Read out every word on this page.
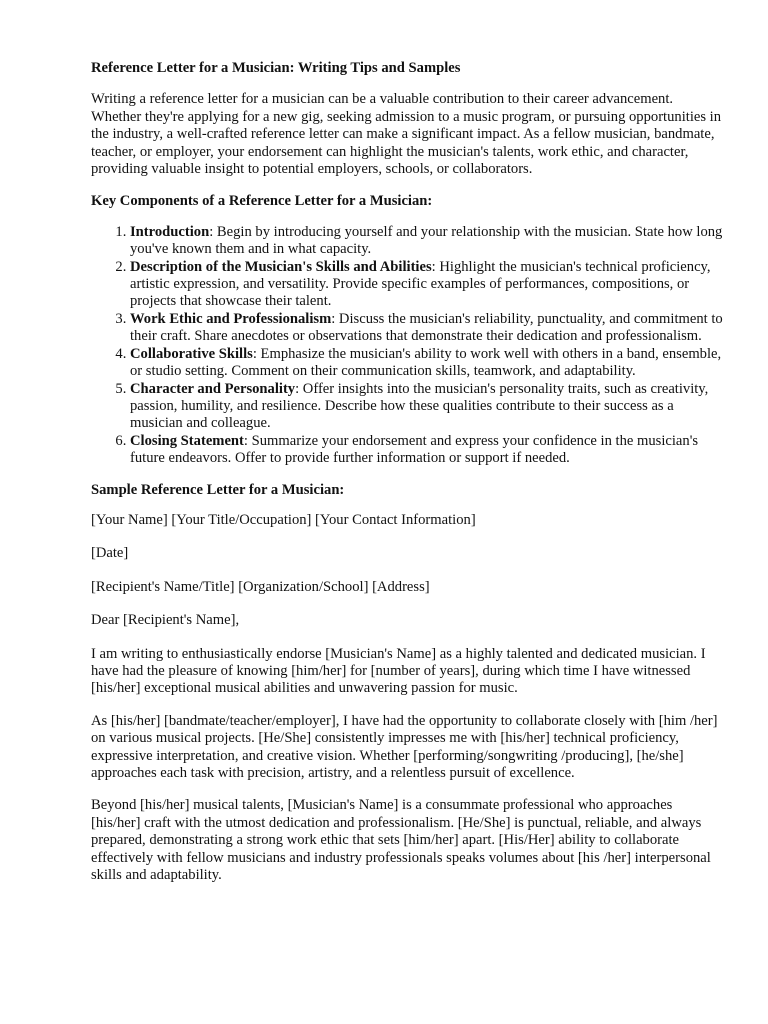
Reference Letter for a Musician: Writing Tips and Samples

Writing a reference letter for a musician can be a valuable contribution to their career advancement. Whether they're applying for a new gig, seeking admission to a music program, or pursuing opportunities in the industry, a well-crafted reference letter can make a significant impact. As a fellow musician, bandmate, teacher, or employer, your endorsement can highlight the musician's talents, work ethic, and character, providing valuable insight to potential employers, schools, or collaborators.

Key Components of a Reference Letter for a Musician:
1. Introduction: Begin by introducing yourself and your relationship with the musician. State how long you've known them and in what capacity.
2. Description of the Musician's Skills and Abilities: Highlight the musician's technical proficiency, artistic expression, and versatility. Provide specific examples of performances, compositions, or projects that showcase their talent.
3. Work Ethic and Professionalism: Discuss the musician's reliability, punctuality, and commitment to their craft. Share anecdotes or observations that demonstrate their dedication and professionalism.
4. Collaborative Skills: Emphasize the musician's ability to work well with others in a band, ensemble, or studio setting. Comment on their communication skills, teamwork, and adaptability.
5. Character and Personality: Offer insights into the musician's personality traits, such as creativity, passion, humility, and resilience. Describe how these qualities contribute to their success as a musician and colleague.
6. Closing Statement: Summarize your endorsement and express your confidence in the musician's future endeavors. Offer to provide further information or support if needed.
Sample Reference Letter for a Musician:

[Your Name] [Your Title/Occupation] [Your Contact Information]

[Date]

[Recipient's Name/Title] [Organization/School] [Address]

Dear [Recipient's Name],

I am writing to enthusiastically endorse [Musician's Name] as a highly talented and dedicated musician. I have had the pleasure of knowing [him/her] for [number of years], during which time I have witnessed [his/her] exceptional musical abilities and unwavering passion for music.

As [his/her] [bandmate/teacher/employer], I have had the opportunity to collaborate closely with [him /her] on various musical projects. [He/She] consistently impresses me with [his/her] technical proficiency, expressive interpretation, and creative vision. Whether [performing/songwriting /producing], [he/she] approaches each task with precision, artistry, and a relentless pursuit of excellence.

Beyond [his/her] musical talents, [Musician's Name] is a consummate professional who approaches [his/her] craft with the utmost dedication and professionalism. [He/She] is punctual, reliable, and always prepared, demonstrating a strong work ethic that sets [him/her] apart. [His/Her] ability to collaborate effectively with fellow musicians and industry professionals speaks volumes about [his /her] interpersonal skills and adaptability.
